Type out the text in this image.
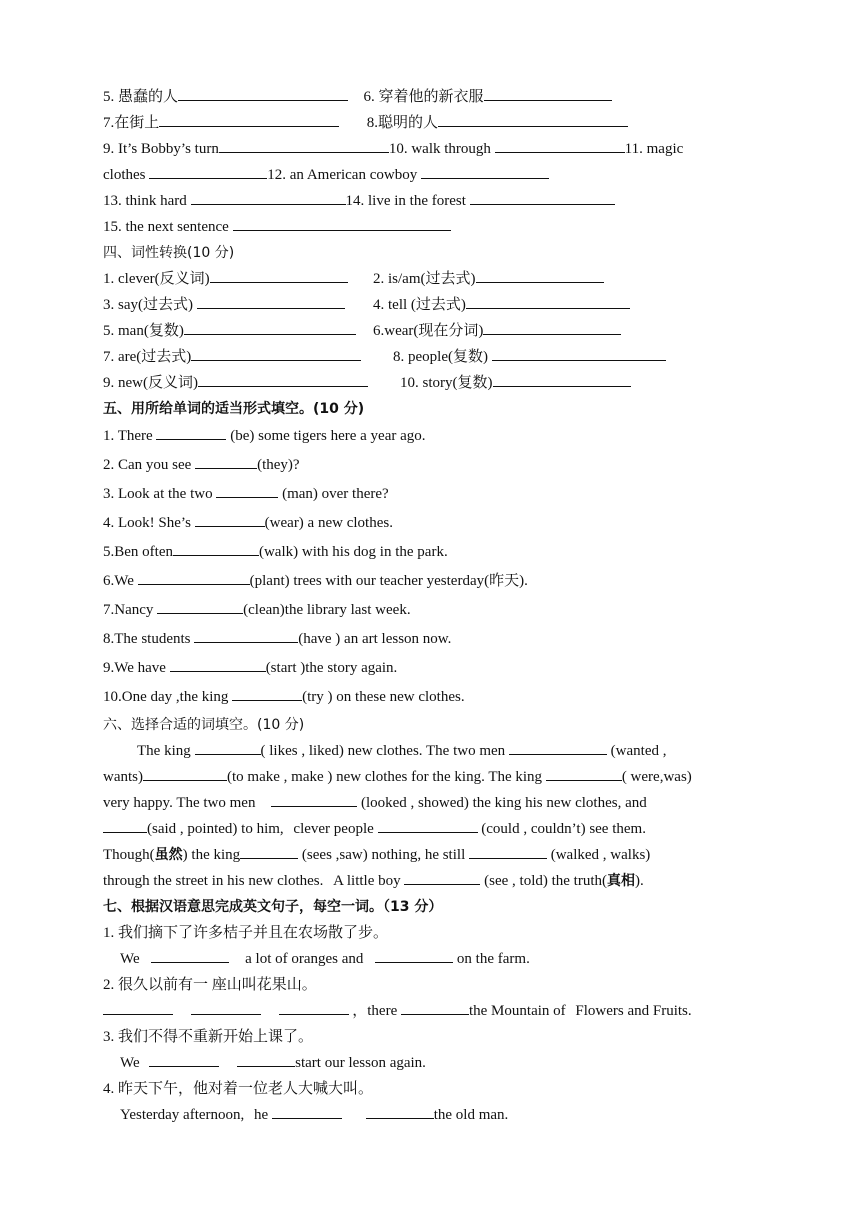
5. 愚蠢的人	6. 穿着他的新衣服
7.在街上	8.聪明的人
9. It’s Bobby’s turn	10. walk through	11. magic
clothes	12. an American cowboy
13. think hard	14. live in the forest
15. the next sentence
四、词性转换(10 分)
1. clever(反义词)	2. is/am(过去式)
3. say(过去式)	4. tell (过去式)
5. man(复数)	6.wear(现在分词)
7. are(过去式)	8. people(复数)
9. new(反义词)	10. story(复数)
五、用所给单词的适当形式填空。(10 分)
1. There	(be) some tigers here a year ago.
2. Can you see	(they)?
3. Look at the two	(man) over there?
4. Look! She’s	(wear) a new clothes.
5.Ben often	(walk) with his dog in the park.
6.We	(plant) trees with our teacher yesterday(昨天).
7.Nancy	(clean)the library last week.
8.The students	(have ) an art lesson now.
9.We have	(start )the story again.
10.One day ,the king	(try ) on these new clothes.
六、选择合适的词填空。(10 分)
The king	( likes , liked) new clothes. The two men	(wanted ,
wants)	(to make , make ) new clothes for the king. The king	( were,was)
very happy. The two men	(looked , showed) the king his new clothes, and
(said , pointed) to him, clever people	(could , couldn’t) see them.
Though(虽然) the king	(sees ,saw) nothing, he still	(walked , walks)
through the street in his new clothes. A little boy	(see , told) the truth(真相).
七、根据汉语意思完成英文句子，每空一词。（13 分）
1. 我们摘下了许多桔子并且在农场散了步。
We	a lot of oranges and	on the farm.
2. 很久以前有一 座山叫花果山。
，there	the Mountain of Flowers and Fruits.
3. 我们不得不重新开始上课了。
We	start our lesson again.
4. 昨天下午，他对着一位老人大喊大叫。
Yesterday afternoon, he	the old man.
